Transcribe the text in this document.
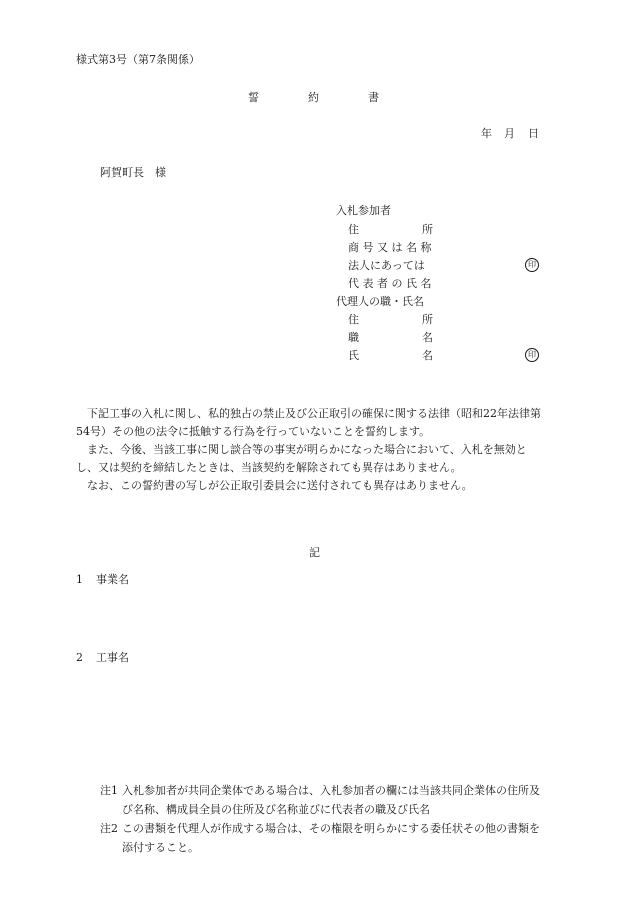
様式第3号（第7条関係）
誓	約	書
年 月 日
阿賀町長　様
入札参加者
住	所
商 号 又 は 名 称
法人にあっては	印
代 表 者 の 氏 名
代理人の職・氏名
住	所
職	名
氏	名	印

下記工事の入札に関し、私的独占の禁止及び公正取引の確保に関する法律（昭和22年法律第54号）その他の法令に抵触する行為を行っていないことを誓約します。

また、今後、当該工事に関し談合等の事実が明らかになった場合において、入札を無効とし、又は契約を締結したときは、当該契約を解除されても異存はありません。

なお、この誓約書の写しが公正取引委員会に送付されても異存はありません。

記
1 事業名
2 工事名
注1 入札参加者が共同企業体である場合は、入札参加者の欄には当該共同企業体の住所及び名称、構成員全員の住所及び名称並びに代表者の職及び氏名
注2 この書類を代理人が作成する場合は、その権限を明らかにする委任状その他の書類を添付すること。
